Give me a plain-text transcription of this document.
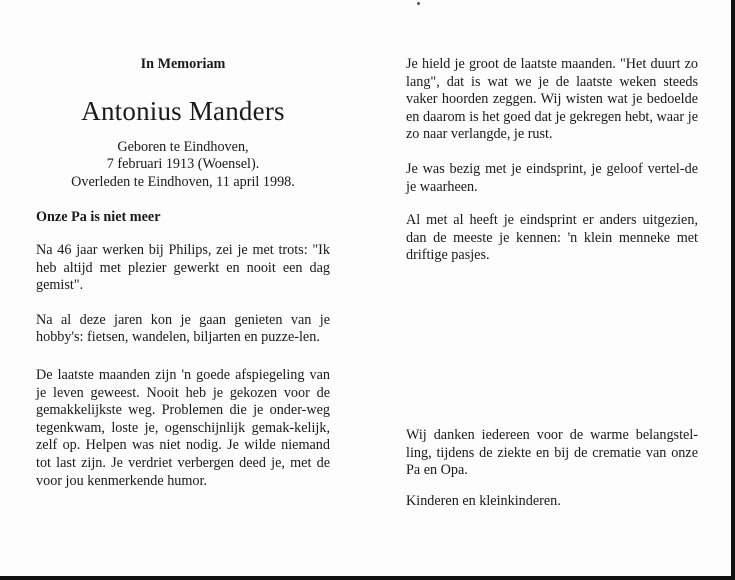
In Memoriam

Antonius Manders

Geboren te Eindhoven,

7 februari 1913 (Woensel).

Overleden te Eindhoven, 11 april 1998.

Onze Pa is niet meer

Na 46 jaar werken bij Philips, zei je met trots: "Ik heb altijd met plezier gewerkt en nooit een dag gemist".

Na al deze jaren kon je gaan genieten van je hobby's: fietsen, wandelen, biljarten en puzze-len.

De laatste maanden zijn 'n goede afspiegeling van je leven geweest. Nooit heb je gekozen voor de gemakkelijkste weg. Problemen die je onder-weg tegenkwam, loste je, ogenschijnlijk gemak-kelijk, zelf op. Helpen was niet nodig. Je wilde niemand tot last zijn. Je verdriet verbergen deed je, met de voor jou kenmerkende humor.

Je hield je groot de laatste maanden. "Het duurt zo lang", dat is wat we je de laatste weken steeds vaker hoorden zeggen. Wij wisten wat je bedoelde en daarom is het goed dat je gekregen hebt, waar je zo naar verlangde, je rust.

Je was bezig met je eindsprint, je geloof vertel-de je waarheen.

Al met al heeft je eindsprint er anders uitgezien, dan de meeste je kennen: 'n klein menneke met driftige pasjes.

Wij danken iedereen voor de warme belangstel-ling, tijdens de ziekte en bij de crematie van onze Pa en Opa.

Kinderen en kleinkinderen.
